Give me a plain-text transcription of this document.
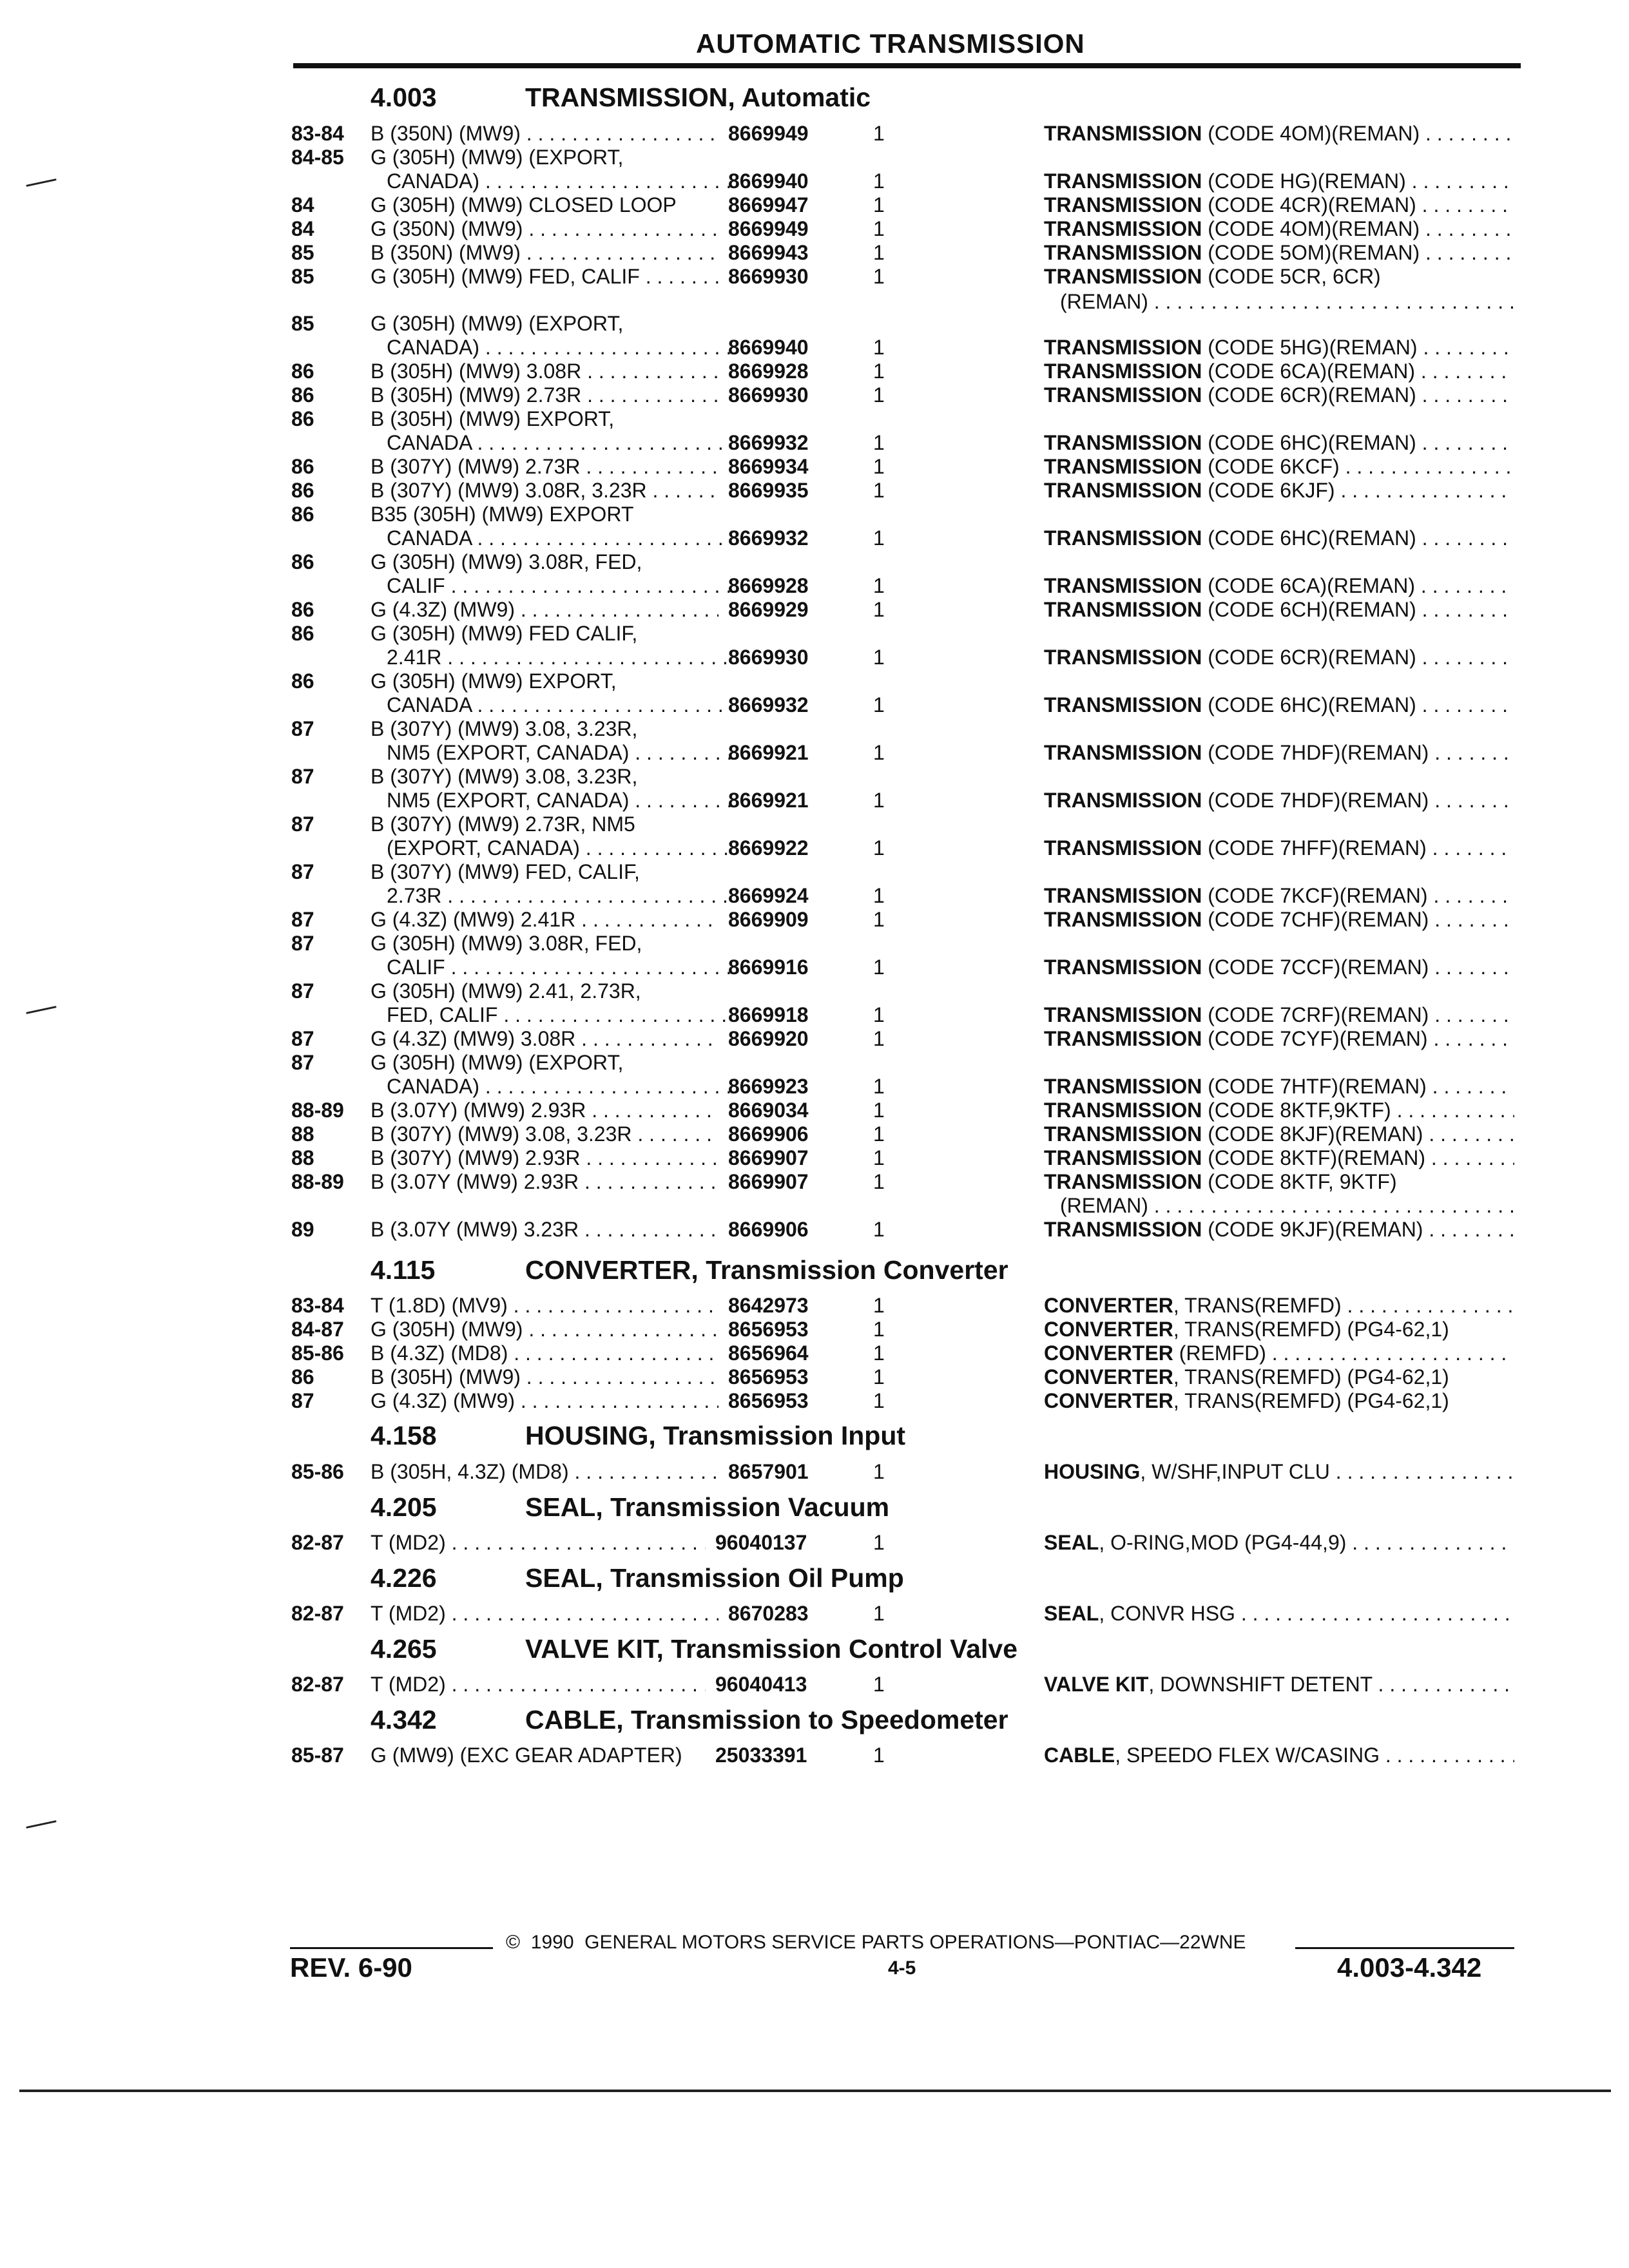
AUTOMATIC TRANSMISSION
4.003	TRANSMISSION, Automatic
4.115	CONVERTER, Transmission Converter
4.158	HOUSING, Transmission Input
4.205	SEAL, Transmission Vacuum
4.226	SEAL, Transmission Oil Pump
4.265	VALVE KIT, Transmission Control Valve
4.342	CABLE, Transmission to Speedometer
83-84	B (350N) (MW9) . . .	8669949	1	TRANSMISSION (CODE 4OM)(REMAN) . . .
84-85	G (305H) (MW9) (EXPORT,
CANADA) . . .	8669940	1	TRANSMISSION (CODE HG)(REMAN) . . .
84	G (305H) (MW9) CLOSED LOOP	8669947	1	TRANSMISSION (CODE 4CR)(REMAN) . . .
84	G (350N) (MW9) . . .	8669949	1	TRANSMISSION (CODE 4OM)(REMAN) . . .
85	B (350N) (MW9) . . .	8669943	1	TRANSMISSION (CODE 5OM)(REMAN) . . .
85	G (305H) (MW9) FED, CALIF . . .	8669930	1	TRANSMISSION (CODE 5CR, 6CR)
(REMAN) . . .
85	G (305H) (MW9) (EXPORT,
CANADA) . . .	8669940	1	TRANSMISSION (CODE 5HG)(REMAN) . . .
86	B (305H) (MW9) 3.08R . . .	8669928	1	TRANSMISSION (CODE 6CA)(REMAN) . . .
86	B (305H) (MW9) 2.73R . . .	8669930	1	TRANSMISSION (CODE 6CR)(REMAN) . . .
86	B (305H) (MW9) EXPORT,
CANADA . . .	8669932	1	TRANSMISSION (CODE 6HC)(REMAN) . . .
86	B (307Y) (MW9) 2.73R . . .	8669934	1	TRANSMISSION (CODE 6KCF) . . .
86	B (307Y) (MW9) 3.08R, 3.23R . . .	8669935	1	TRANSMISSION (CODE 6KJF) . . .
86	B35 (305H) (MW9) EXPORT
CANADA . . .	8669932	1	TRANSMISSION (CODE 6HC)(REMAN) . . .
86	G (305H) (MW9) 3.08R, FED,
CALIF . . .	8669928	1	TRANSMISSION (CODE 6CA)(REMAN) . . .
86	G (4.3Z) (MW9) . . .	8669929	1	TRANSMISSION (CODE 6CH)(REMAN) . . .
86	G (305H) (MW9) FED CALIF,
2.41R . . .	8669930	1	TRANSMISSION (CODE 6CR)(REMAN) . . .
86	G (305H) (MW9) EXPORT,
CANADA . . .	8669932	1	TRANSMISSION (CODE 6HC)(REMAN) . . .
87	B (307Y) (MW9) 3.08, 3.23R,
NM5 (EXPORT, CANADA) . . .	8669921	1	TRANSMISSION (CODE 7HDF)(REMAN) . . .
87	B (307Y) (MW9) 3.08, 3.23R,
NM5 (EXPORT, CANADA) . . .	8669921	1	TRANSMISSION (CODE 7HDF)(REMAN) . . .
87	B (307Y) (MW9) 2.73R, NM5
(EXPORT, CANADA) . . .	8669922	1	TRANSMISSION (CODE 7HFF)(REMAN) . . .
87	B (307Y) (MW9) FED, CALIF,
2.73R . . .	8669924	1	TRANSMISSION (CODE 7KCF)(REMAN) . . .
87	G (4.3Z) (MW9) 2.41R . . .	8669909	1	TRANSMISSION (CODE 7CHF)(REMAN) . . .
87	G (305H) (MW9) 3.08R, FED,
CALIF . . .	8669916	1	TRANSMISSION (CODE 7CCF)(REMAN) . . .
87	G (305H) (MW9) 2.41, 2.73R,
FED, CALIF . . .	8669918	1	TRANSMISSION (CODE 7CRF)(REMAN) . . .
87	G (4.3Z) (MW9) 3.08R . . .	8669920	1	TRANSMISSION (CODE 7CYF)(REMAN) . . .
87	G (305H) (MW9) (EXPORT,
CANADA) . . .	8669923	1	TRANSMISSION (CODE 7HTF)(REMAN) . . .
88-89	B (3.07Y) (MW9) 2.93R . . .	8669034	1	TRANSMISSION (CODE 8KTF,9KTF) . . .
88	B (307Y) (MW9) 3.08, 3.23R . . .	8669906	1	TRANSMISSION (CODE 8KJF)(REMAN) . . .
88	B (307Y) (MW9) 2.93R . . .	8669907	1	TRANSMISSION (CODE 8KTF)(REMAN) . . .
88-89	B (3.07Y (MW9) 2.93R . . .	8669907	1	TRANSMISSION (CODE 8KTF, 9KTF)
(REMAN) . . .
89	B (3.07Y (MW9) 3.23R . . .	8669906	1	TRANSMISSION (CODE 9KJF)(REMAN) . . .
83-84	T (1.8D) (MV9) . . .	8642973	1	CONVERTER, TRANS(REMFD) . . .
84-87	G (305H) (MW9) . . .	8656953	1	CONVERTER, TRANS(REMFD) (PG4-62,1)
85-86	B (4.3Z) (MD8) . . .	8656964	1	CONVERTER (REMFD) . . .
86	B (305H) (MW9) . . .	8656953	1	CONVERTER, TRANS(REMFD) (PG4-62,1)
87	G (4.3Z) (MW9) . . .	8656953	1	CONVERTER, TRANS(REMFD) (PG4-62,1)
85-86	B (305H, 4.3Z) (MD8) . . .	8657901	1	HOUSING, W/SHF,INPUT CLU . . .
82-87	T (MD2) . . .	96040137	1	SEAL, O-RING,MOD (PG4-44,9) . . .
82-87	T (MD2) . . .	8670283	1	SEAL, CONVR HSG . . .
82-87	T (MD2) . . .	96040413	1	VALVE KIT, DOWNSHIFT DETENT . . .
85-87	G (MW9) (EXC GEAR ADAPTER)	25033391	1	CABLE, SPEEDO FLEX W/CASING . . .
©  1990  GENERAL MOTORS SERVICE PARTS OPERATIONS—PONTIAC—22WNE
REV. 6-90	4-5	4.003-4.342
